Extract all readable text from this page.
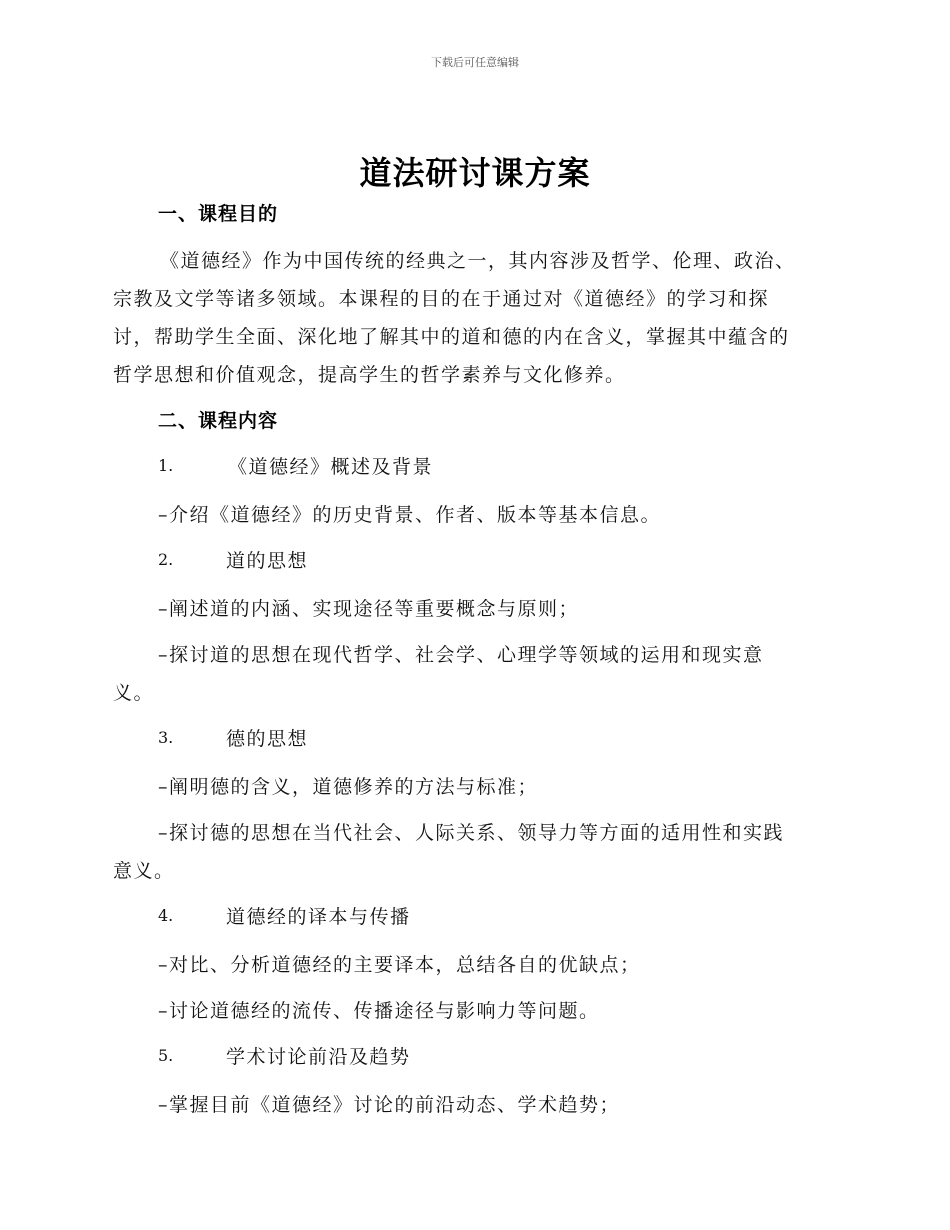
下载后可任意编辑
道法研讨课方案
一、课程目的
《道德经》作为中国传统的经典之一，其内容涉及哲学、伦理、政治、
宗教及文学等诸多领域。本课程的目的在于通过对《道德经》的学习和探
讨，帮助学生全面、深化地了解其中的道和德的内在含义，掌握其中蕴含的
哲学思想和价值观念，提高学生的哲学素养与文化修养。
二、课程内容
1.	《道德经》概述及背景
–介绍《道德经》的历史背景、作者、版本等基本信息。
2.	道的思想
–阐述道的内涵、实现途径等重要概念与原则；
–探讨道的思想在现代哲学、社会学、心理学等领域的运用和现实意
义。
3.	德的思想
–阐明德的含义，道德修养的方法与标准；
–探讨德的思想在当代社会、人际关系、领导力等方面的适用性和实践
意义。
4.	道德经的译本与传播
–对比、分析道德经的主要译本，总结各自的优缺点；
–讨论道德经的流传、传播途径与影响力等问题。
5.	学术讨论前沿及趋势
–掌握目前《道德经》讨论的前沿动态、学术趋势；
